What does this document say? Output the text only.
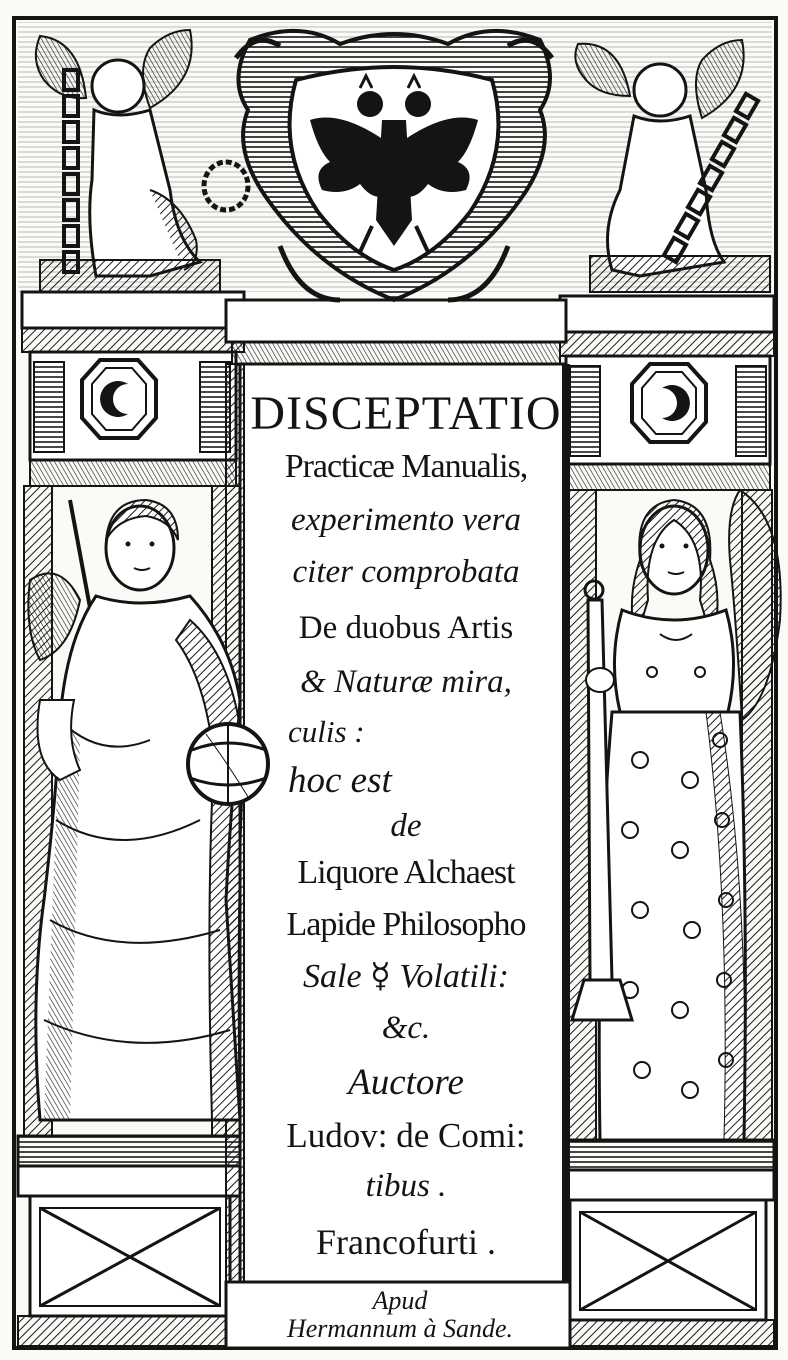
DISCEPTATIO
Practicæ Manualis,
experimento vera
citer comprobata
De duobus Artis
& Naturæ mira,
culis :
hoc est
de
Liquore Alchaest
Lapide Philosopho
Sale ☿ Volatili:
&c.
Auctore
Ludov: de Comi:
tibus .
Francofurti .
Apud
Hermannum à Sande.
